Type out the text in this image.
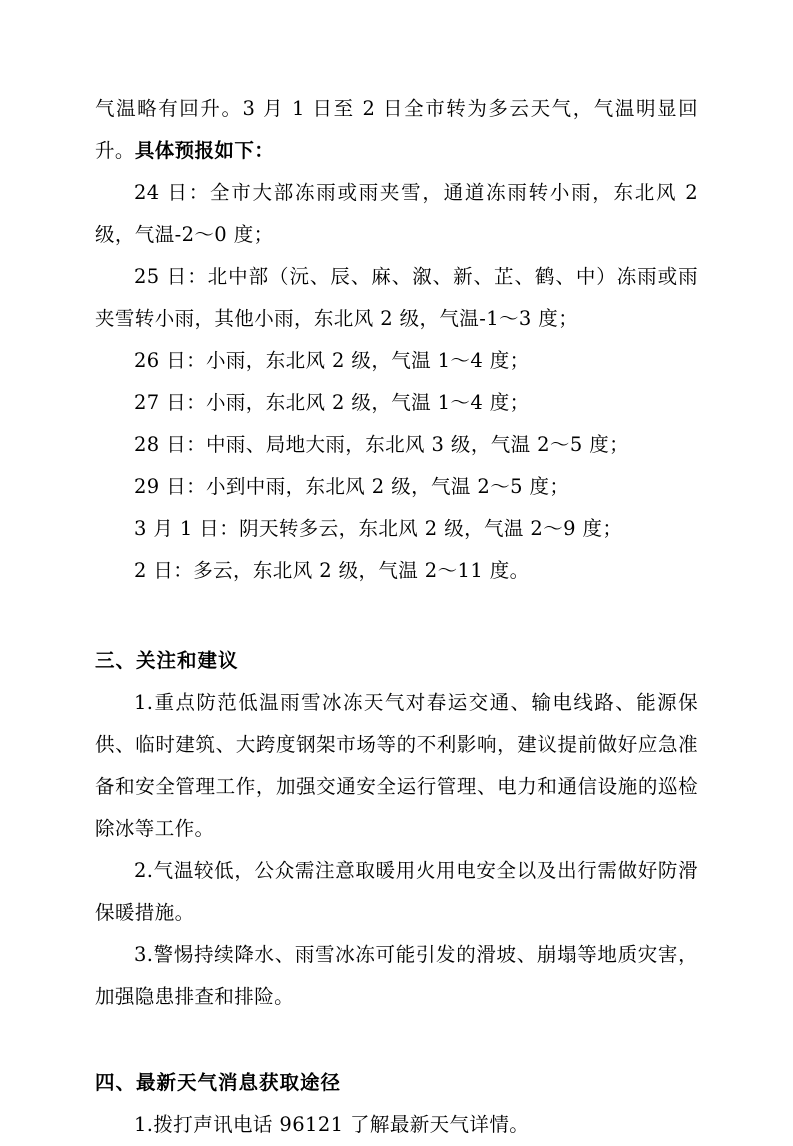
气温略有回升。3 月 1 日至 2 日全市转为多云天气，气温明显回升。具体预报如下：

24 日：全市大部冻雨或雨夹雪，通道冻雨转小雨，东北风 2 级，气温-2～0 度；

25 日：北中部（沅、辰、麻、溆、新、芷、鹤、中）冻雨或雨夹雪转小雨，其他小雨，东北风 2 级，气温-1～3 度；

26 日：小雨，东北风 2 级，气温 1～4 度；

27 日：小雨，东北风 2 级，气温 1～4 度；

28 日：中雨、局地大雨，东北风 3 级，气温 2～5 度；

29 日：小到中雨，东北风 2 级，气温 2～5 度；

3 月 1 日：阴天转多云，东北风 2 级，气温 2～9 度；

2 日：多云，东北风 2 级，气温 2～11 度。

三、关注和建议

1.重点防范低温雨雪冰冻天气对春运交通、输电线路、能源保供、临时建筑、大跨度钢架市场等的不利影响，建议提前做好应急准备和安全管理工作，加强交通安全运行管理、电力和通信设施的巡检除冰等工作。

2.气温较低，公众需注意取暖用火用电安全以及出行需做好防滑保暖措施。

3.警惕持续降水、雨雪冰冻可能引发的滑坡、崩塌等地质灾害，加强隐患排查和排险。

四、最新天气消息获取途径

1.拨打声讯电话 96121 了解最新天气详情。
